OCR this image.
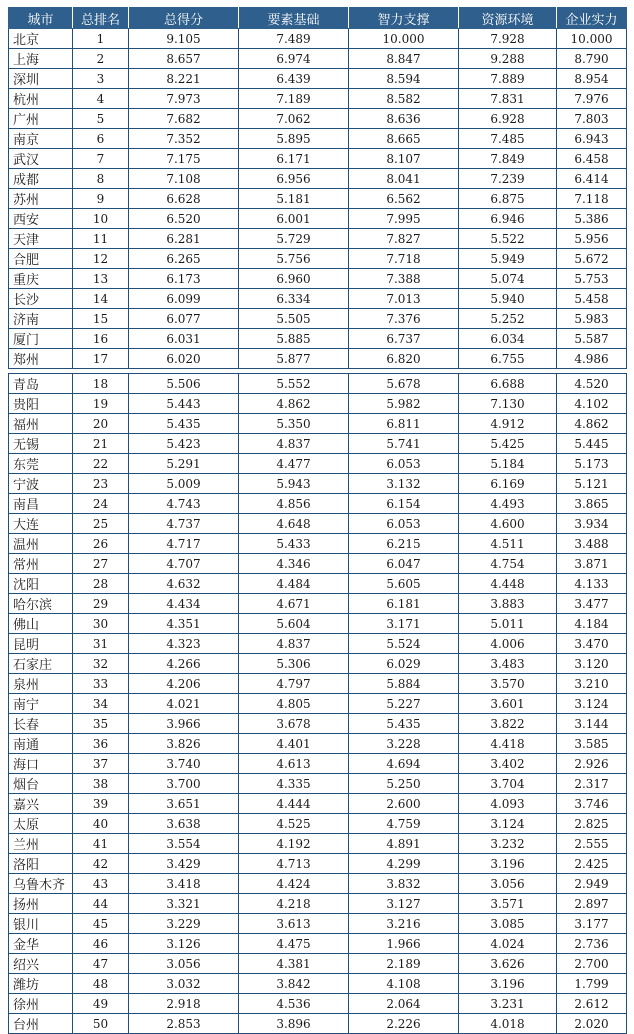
城市	总排名	总得分	要素基础	智力支撑	资源环境	企业实力
北京	1	9.105	7.489	10.000	7.928	10.000
上海	2	8.657	6.974	8.847	9.288	8.790
深圳	3	8.221	6.439	8.594	7.889	8.954
杭州	4	7.973	7.189	8.582	7.831	7.976
广州	5	7.682	7.062	8.636	6.928	7.803
南京	6	7.352	5.895	8.665	7.485	6.943
武汉	7	7.175	6.171	8.107	7.849	6.458
成都	8	7.108	6.956	8.041	7.239	6.414
苏州	9	6.628	5.181	6.562	6.875	7.118
西安	10	6.520	6.001	7.995	6.946	5.386
天津	11	6.281	5.729	7.827	5.522	5.956
合肥	12	6.265	5.756	7.718	5.949	5.672
重庆	13	6.173	6.960	7.388	5.074	5.753
长沙	14	6.099	6.334	7.013	5.940	5.458
济南	15	6.077	5.505	7.376	5.252	5.983
厦门	16	6.031	5.885	6.737	6.034	5.587
郑州	17	6.020	5.877	6.820	6.755	4.986

青岛	18	5.506	5.552	5.678	6.688	4.520
贵阳	19	5.443	4.862	5.982	7.130	4.102
福州	20	5.435	5.350	6.811	4.912	4.862
无锡	21	5.423	4.837	5.741	5.425	5.445
东莞	22	5.291	4.477	6.053	5.184	5.173
宁波	23	5.009	5.943	3.132	6.169	5.121
南昌	24	4.743	4.856	6.154	4.493	3.865
大连	25	4.737	4.648	6.053	4.600	3.934
温州	26	4.717	5.433	6.215	4.511	3.488
常州	27	4.707	4.346	6.047	4.754	3.871
沈阳	28	4.632	4.484	5.605	4.448	4.133
哈尔滨	29	4.434	4.671	6.181	3.883	3.477
佛山	30	4.351	5.604	3.171	5.011	4.184
昆明	31	4.323	4.837	5.524	4.006	3.470
石家庄	32	4.266	5.306	6.029	3.483	3.120
泉州	33	4.206	4.797	5.884	3.570	3.210
南宁	34	4.021	4.805	5.227	3.601	3.124
长春	35	3.966	3.678	5.435	3.822	3.144
南通	36	3.826	4.401	3.228	4.418	3.585
海口	37	3.740	4.613	4.694	3.402	2.926
烟台	38	3.700	4.335	5.250	3.704	2.317
嘉兴	39	3.651	4.444	2.600	4.093	3.746
太原	40	3.638	4.525	4.759	3.124	2.825
兰州	41	3.554	4.192	4.891	3.232	2.555
洛阳	42	3.429	4.713	4.299	3.196	2.425
乌鲁木齐	43	3.418	4.424	3.832	3.056	2.949
扬州	44	3.321	4.218	3.127	3.571	2.897
银川	45	3.229	3.613	3.216	3.085	3.177
金华	46	3.126	4.475	1.966	4.024	2.736
绍兴	47	3.056	4.381	2.189	3.626	2.700
潍坊	48	3.032	3.842	4.108	3.196	1.799
徐州	49	2.918	4.536	2.064	3.231	2.612
台州	50	2.853	3.896	2.226	4.018	2.020
